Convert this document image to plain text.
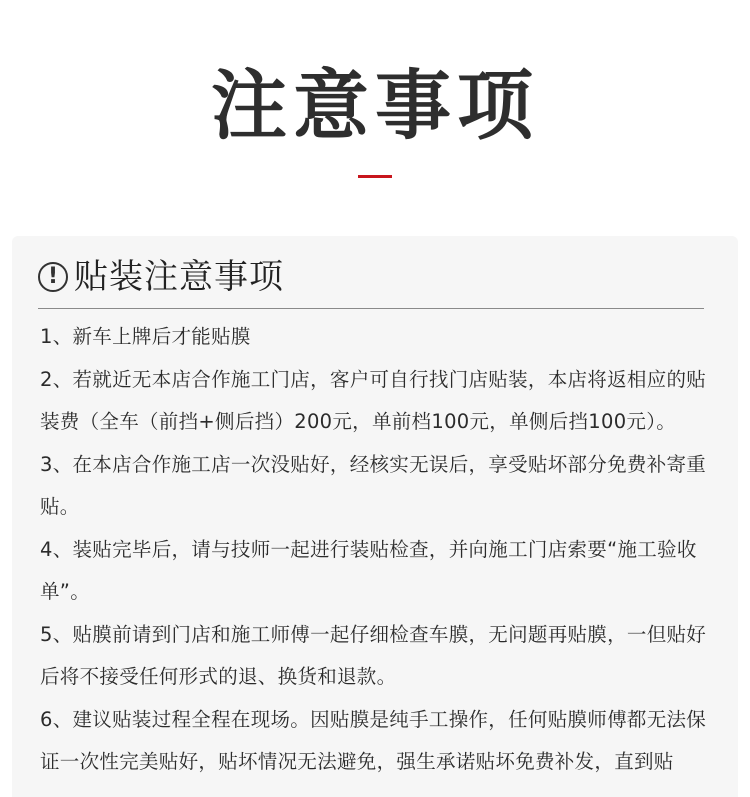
注意事项
! 贴装注意事项
1、新车上牌后才能贴膜
2、若就近无本店合作施工门店，客户可自行找门店贴装，本店将返相应的贴装费（全车（前挡+侧后挡）200元，单前档100元，单侧后挡100元）。
3、在本店合作施工店一次没贴好，经核实无误后，享受贴坏部分免费补寄重贴。
4、装贴完毕后，请与技师一起进行装贴检查，并向施工门店索要“施工验收单”。
5、贴膜前请到门店和施工师傅一起仔细检查车膜，无问题再贴膜，一但贴好后将不接受任何形式的退、换货和退款。
6、建议贴装过程全程在现场。因贴膜是纯手工操作，任何贴膜师傅都无法保证一次性完美贴好，贴坏情况无法避免，强生承诺贴坏免费补发，直到贴
